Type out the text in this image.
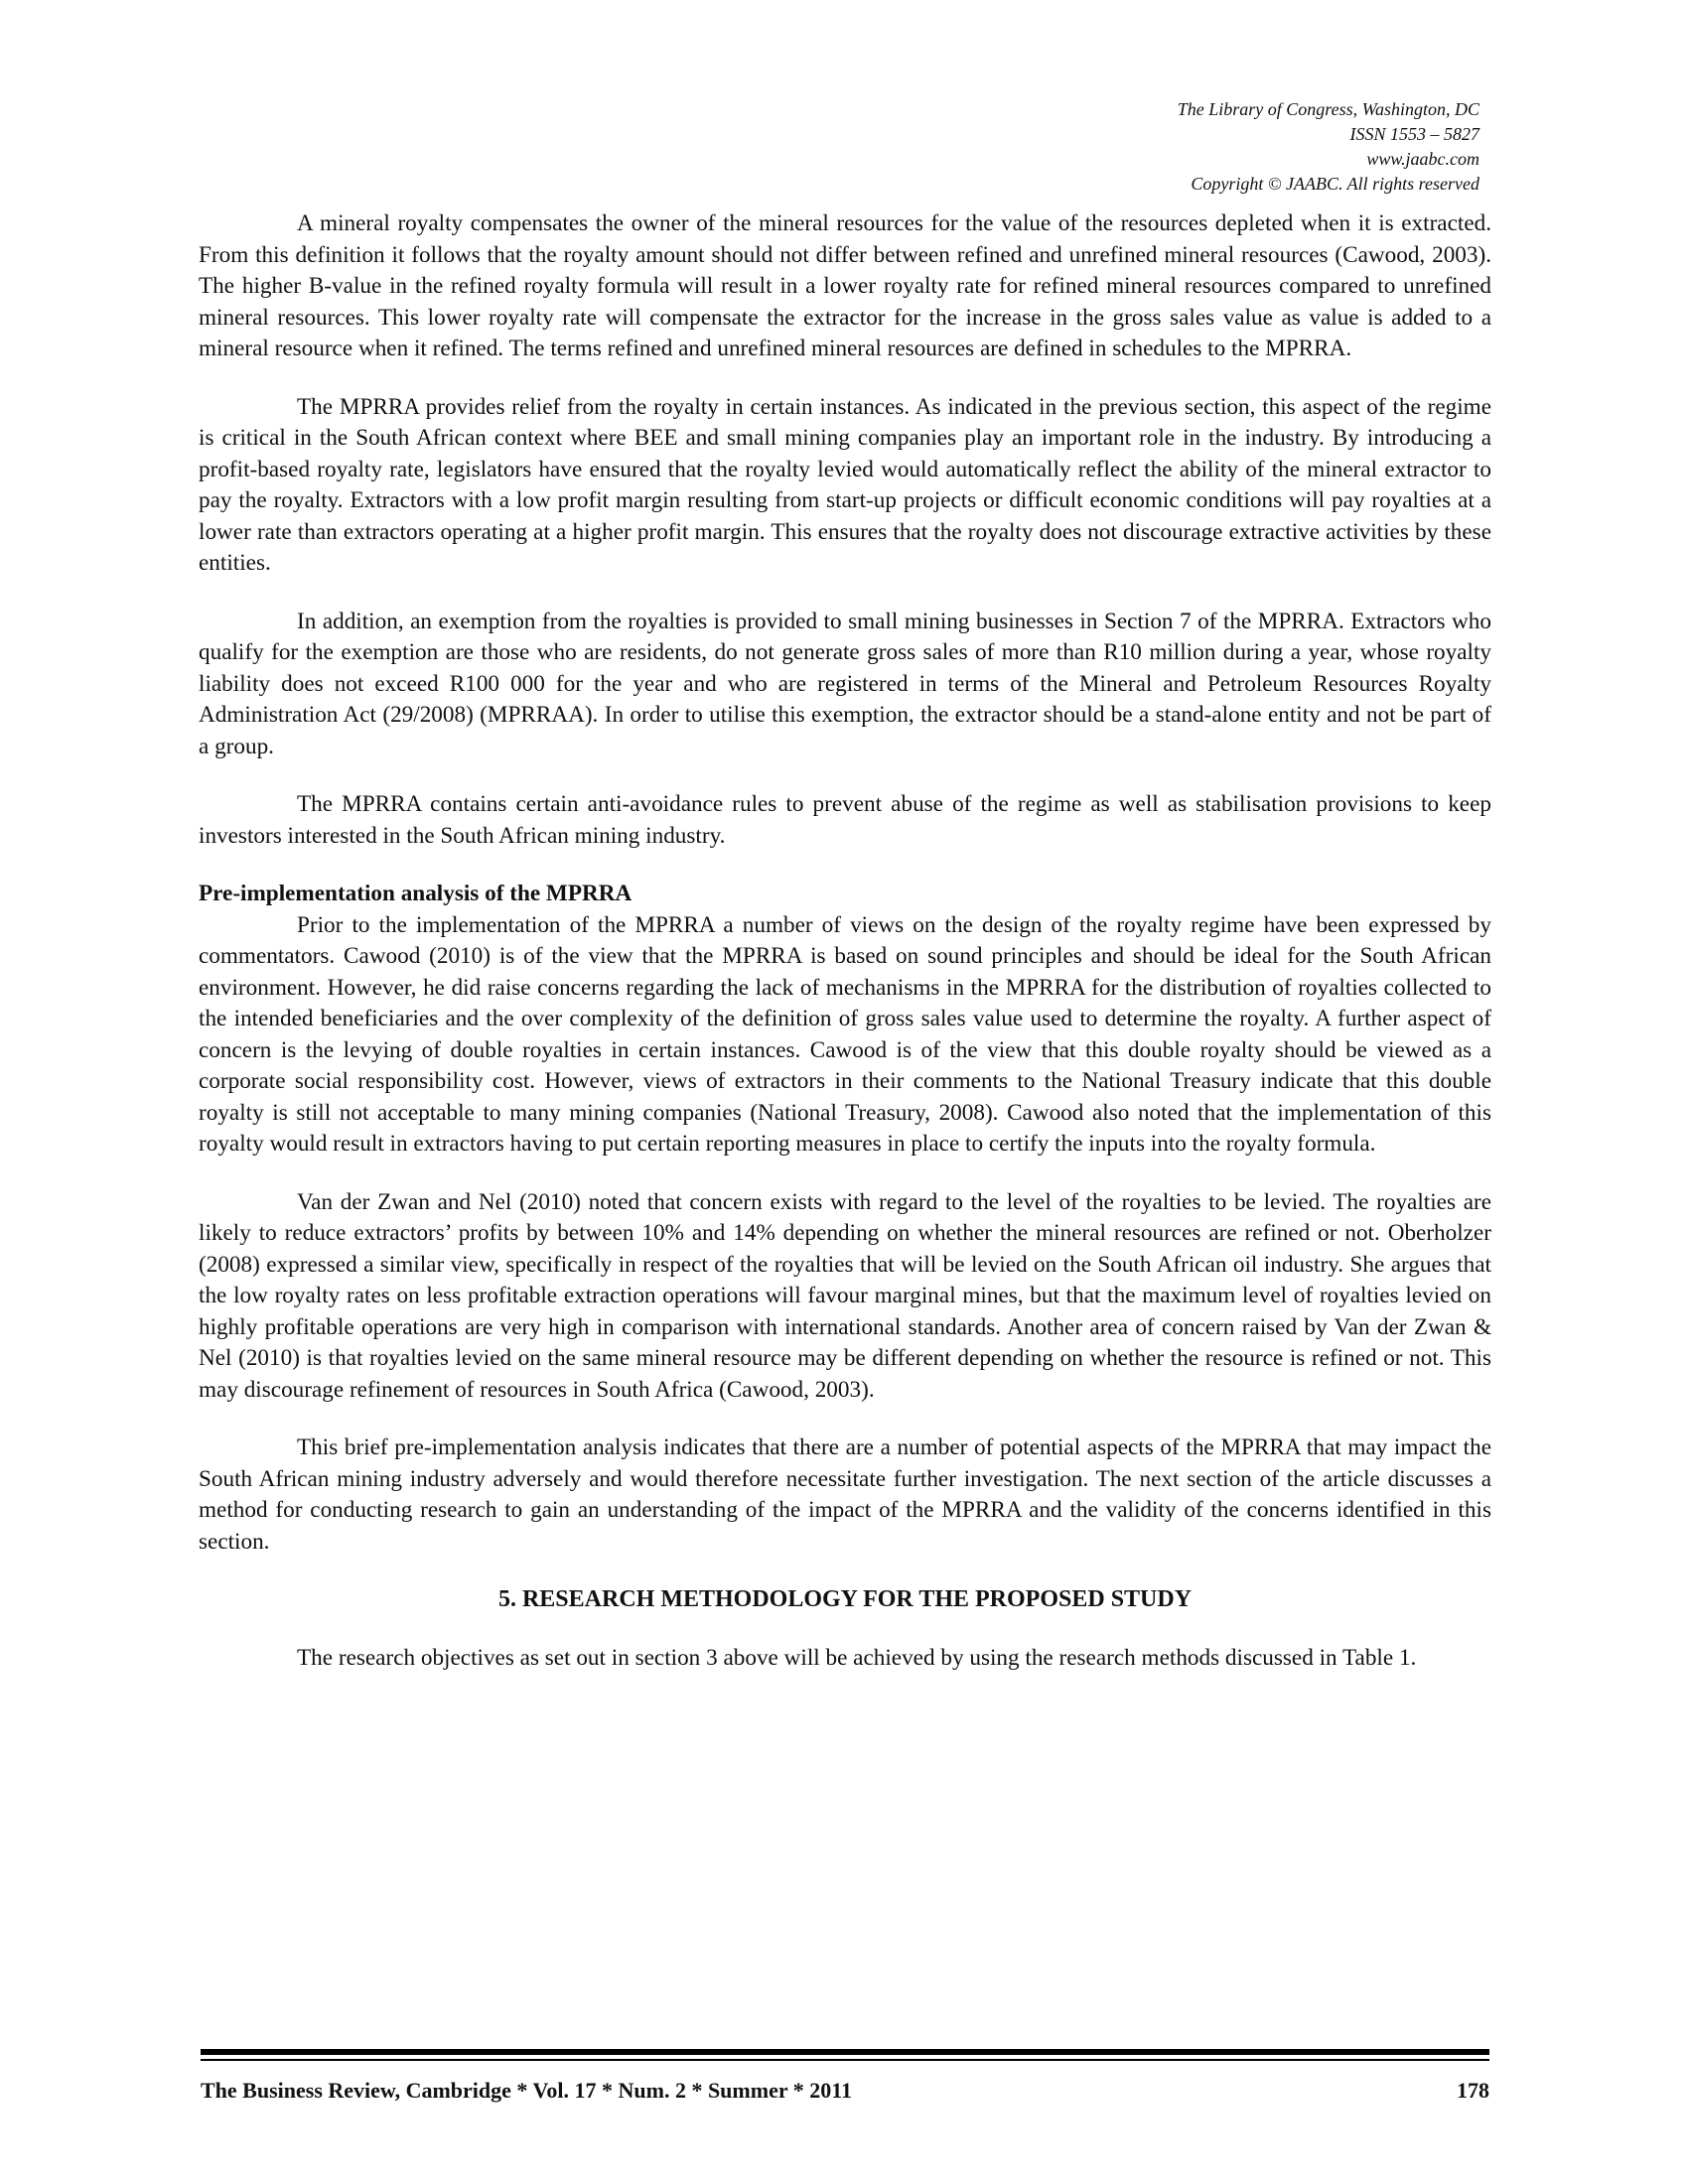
The Library of Congress, Washington, DC
ISSN 1553 – 5827
www.jaabc.com
Copyright © JAABC. All rights reserved

A mineral royalty compensates the owner of the mineral resources for the value of the resources depleted when it is extracted. From this definition it follows that the royalty amount should not differ between refined and unrefined mineral resources (Cawood, 2003). The higher B-value in the refined royalty formula will result in a lower royalty rate for refined mineral resources compared to unrefined mineral resources. This lower royalty rate will compensate the extractor for the increase in the gross sales value as value is added to a mineral resource when it refined. The terms refined and unrefined mineral resources are defined in schedules to the MPRRA.

The MPRRA provides relief from the royalty in certain instances. As indicated in the previous section, this aspect of the regime is critical in the South African context where BEE and small mining companies play an important role in the industry. By introducing a profit-based royalty rate, legislators have ensured that the royalty levied would automatically reflect the ability of the mineral extractor to pay the royalty. Extractors with a low profit margin resulting from start-up projects or difficult economic conditions will pay royalties at a lower rate than extractors operating at a higher profit margin. This ensures that the royalty does not discourage extractive activities by these entities.

In addition, an exemption from the royalties is provided to small mining businesses in Section 7 of the MPRRA. Extractors who qualify for the exemption are those who are residents, do not generate gross sales of more than R10 million during a year, whose royalty liability does not exceed R100 000 for the year and who are registered in terms of the Mineral and Petroleum Resources Royalty Administration Act (29/2008) (MPRRAA). In order to utilise this exemption, the extractor should be a stand-alone entity and not be part of a group.

The MPRRA contains certain anti-avoidance rules to prevent abuse of the regime as well as stabilisation provisions to keep investors interested in the South African mining industry.

Pre-implementation analysis of the MPRRA

Prior to the implementation of the MPRRA a number of views on the design of the royalty regime have been expressed by commentators. Cawood (2010) is of the view that the MPRRA is based on sound principles and should be ideal for the South African environment. However, he did raise concerns regarding the lack of mechanisms in the MPRRA for the distribution of royalties collected to the intended beneficiaries and the over complexity of the definition of gross sales value used to determine the royalty. A further aspect of concern is the levying of double royalties in certain instances. Cawood is of the view that this double royalty should be viewed as a corporate social responsibility cost. However, views of extractors in their comments to the National Treasury indicate that this double royalty is still not acceptable to many mining companies (National Treasury, 2008). Cawood also noted that the implementation of this royalty would result in extractors having to put certain reporting measures in place to certify the inputs into the royalty formula.

Van der Zwan and Nel (2010) noted that concern exists with regard to the level of the royalties to be levied. The royalties are likely to reduce extractors’ profits by between 10% and 14% depending on whether the mineral resources are refined or not. Oberholzer (2008) expressed a similar view, specifically in respect of the royalties that will be levied on the South African oil industry. She argues that the low royalty rates on less profitable extraction operations will favour marginal mines, but that the maximum level of royalties levied on highly profitable operations are very high in comparison with international standards. Another area of concern raised by Van der Zwan & Nel (2010) is that royalties levied on the same mineral resource may be different depending on whether the resource is refined or not. This may discourage refinement of resources in South Africa (Cawood, 2003).

This brief pre-implementation analysis indicates that there are a number of potential aspects of the MPRRA that may impact the South African mining industry adversely and would therefore necessitate further investigation. The next section of the article discusses a method for conducting research to gain an understanding of the impact of the MPRRA and the validity of the concerns identified in this section.

5. RESEARCH METHODOLOGY FOR THE PROPOSED STUDY

The research objectives as set out in section 3 above will be achieved by using the research methods discussed in Table 1.

The Business Review, Cambridge * Vol. 17 * Num. 2 * Summer * 2011	178
